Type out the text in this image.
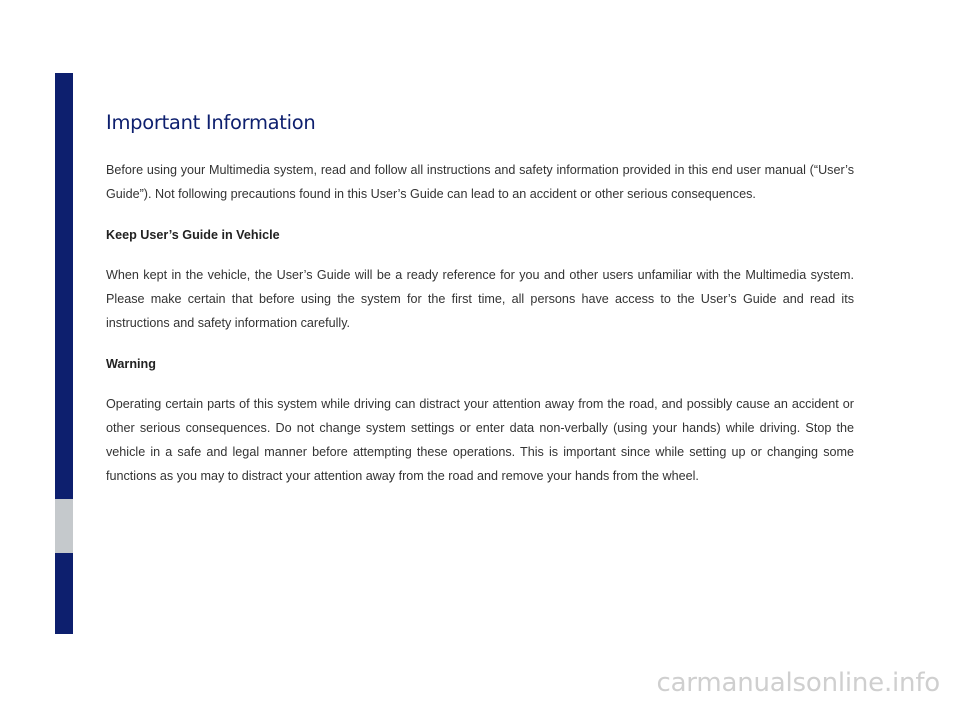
Important Information

Before using your Multimedia system, read and follow all instructions and safety information provided in this end user manual (“User’s Guide”). Not following precautions found in this User’s Guide can lead to an accident or other serious consequences.

Keep User’s Guide in Vehicle

When kept in the vehicle, the User’s Guide will be a ready reference for you and other users unfamiliar with the Multimedia system. Please make certain that before using the system for the first time, all persons have access to the User’s Guide and read its instructions and safety information carefully.

Warning

Operating certain parts of this system while driving can distract your attention away from the road, and possibly cause an accident or other serious consequences. Do not change system settings or enter data non-verbally (using your hands) while driving. Stop the vehicle in a safe and legal manner before attempting these operations. This is important since while setting up or changing some functions as you may to distract your attention away from the road and remove your hands from the wheel.

carmanualsonline.info
